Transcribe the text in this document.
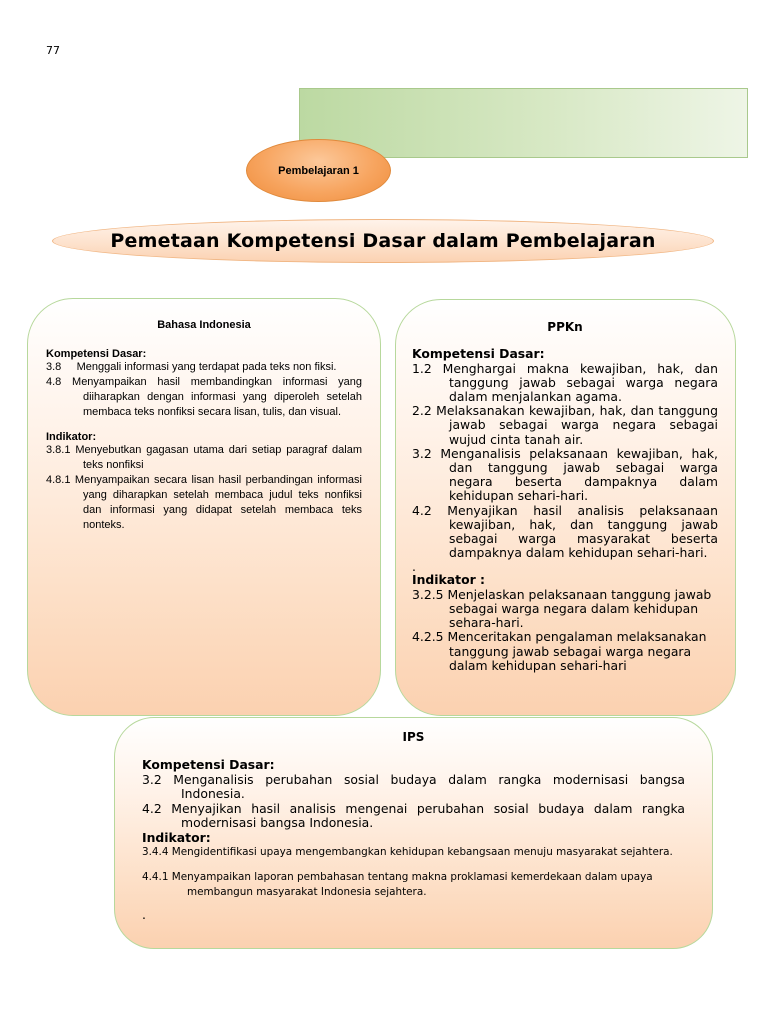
77
Pembelajaran 1
Pemetaan Kompetensi Dasar dalam Pembelajaran

Bahasa Indonesia

Kompetensi Dasar:

3.8     Menggali informasi yang terdapat pada teks non fiksi.

4.8 Menyampaikan hasil membandingkan informasi yang diiharapkan dengan informasi yang diperoleh setelah membaca teks nonfiksi secara lisan, tulis, dan visual.

Indikator:

3.8.1 Menyebutkan gagasan utama dari setiap paragraf dalam teks nonfiksi

4.8.1 Menyampaikan secara lisan hasil perbandingan informasi yang diharapkan setelah membaca judul teks nonfiksi dan informasi yang didapat setelah membaca teks nonteks.

PPKn

Kompetensi Dasar:

1.2 Menghargai makna kewajiban, hak, dan tanggung jawab sebagai warga negara dalam menjalankan agama.

2.2 Melaksanakan kewajiban, hak, dan tanggung jawab sebagai warga negara sebagai wujud cinta tanah air.

3.2 Menganalisis pelaksanaan kewajiban, hak, dan tanggung jawab sebagai warga negara beserta dampaknya dalam kehidupan sehari-hari.

4.2 Menyajikan hasil analisis pelaksanaan kewajiban, hak, dan tanggung jawab sebagai warga masyarakat beserta dampaknya dalam kehidupan sehari-hari.

.

Indikator :

3.2.5 Menjelaskan pelaksanaan tanggung jawab sebagai warga negara dalam kehidupan sehara-hari.

4.2.5 Menceritakan pengalaman melaksanakan tanggung jawab sebagai warga negara dalam kehidupan sehari-hari

IPS

Kompetensi Dasar:

3.2 Menganalisis perubahan sosial budaya dalam rangka modernisasi bangsa Indonesia.

4.2 Menyajikan hasil analisis mengenai perubahan sosial budaya dalam rangka modernisasi bangsa Indonesia.

Indikator:

3.4.4 Mengidentifikasi upaya mengembangkan kehidupan kebangsaan menuju masyarakat sejahtera.

4.4.1 Menyampaikan laporan pembahasan tentang makna proklamasi kemerdekaan dalam upaya membangun masyarakat Indonesia sejahtera.

.
